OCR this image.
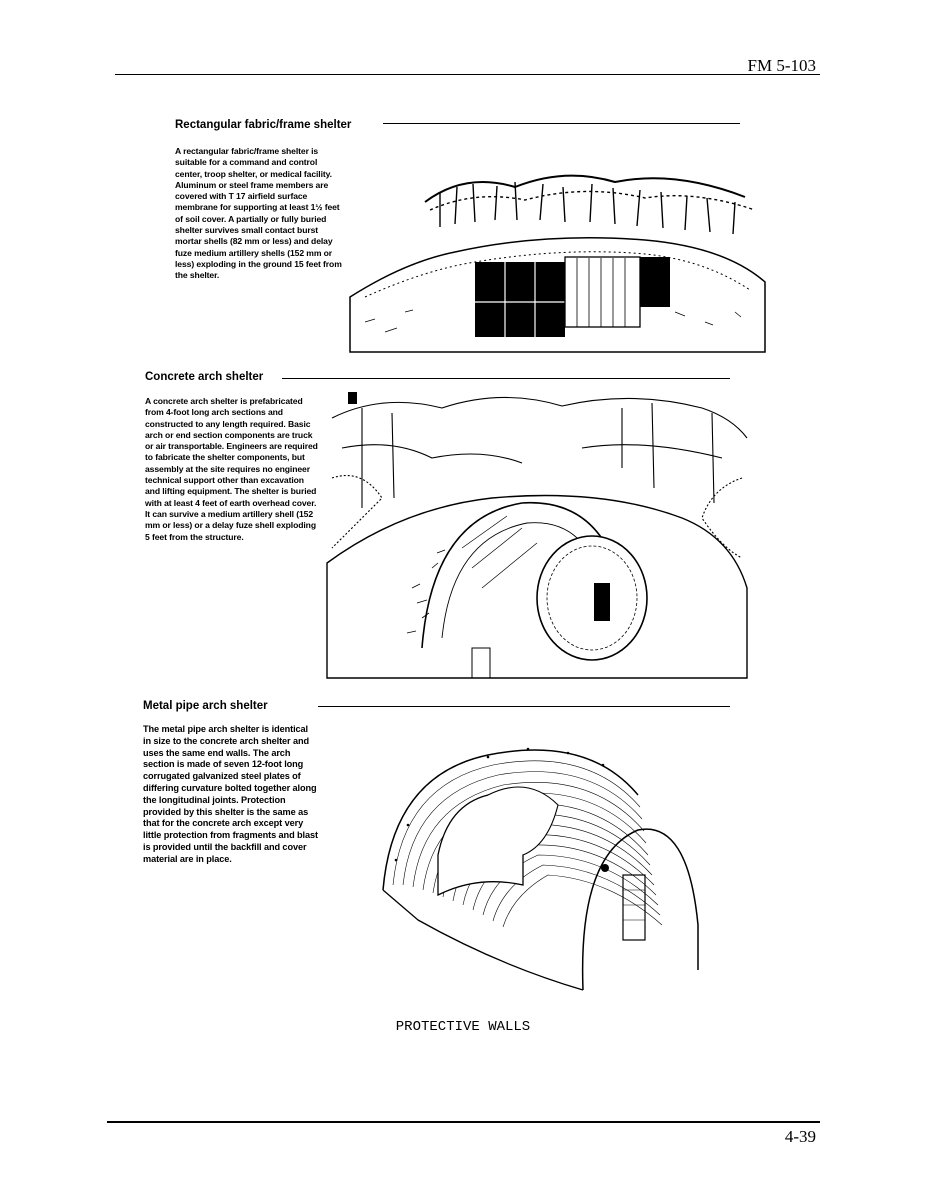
FM 5-103
Rectangular fabric/frame shelter
A rectangular fabric/frame shelter is suitable for a command and control center, troop shelter, or medical facility. Aluminum or steel frame members are covered with T 17 airfield surface membrane for supporting at least 1½ feet of soil cover. A partially or fully buried shelter survives small contact burst mortar shells (82 mm or less) and delay fuze medium artillery shells (152 mm or less) exploding in the ground 15 feet from the shelter.
Concrete arch shelter
A concrete arch shelter is prefabricated from 4-foot long arch sections and constructed to any length required. Basic arch or end section components are truck or air transportable. Engineers are required to fabricate the shelter components, but assembly at the site requires no engineer technical support other than excavation and lifting equipment. The shelter is buried with at least 4 feet of earth overhead cover. It can survive a medium artillery shell (152 mm or less) or a delay fuze shell exploding 5 feet from the structure.
Metal pipe arch shelter
The metal pipe arch shelter is identical in size to the concrete arch shelter and uses the same end walls. The arch section is made of seven 12-foot long corrugated galvanized steel plates of differing curvature bolted together along the longitudinal joints. Protection provided by this shelter is the same as that for the concrete arch except very little protection from fragments and blast is provided until the backfill and cover material are in place.
PROTECTIVE WALLS
4-39
